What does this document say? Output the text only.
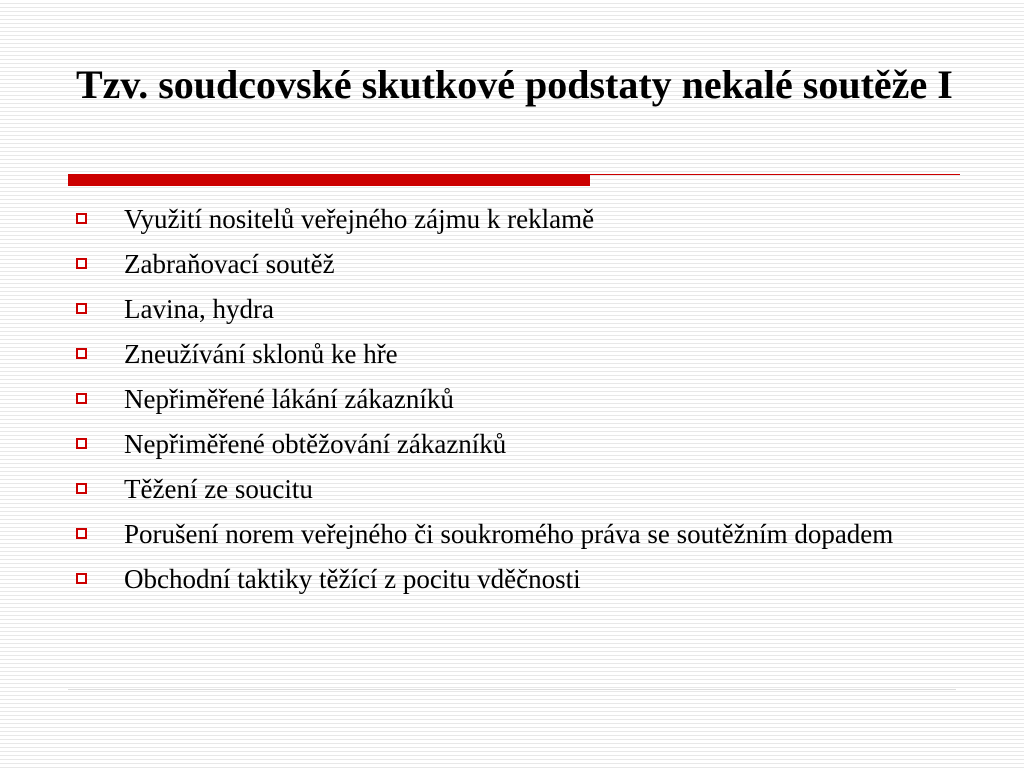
Tzv. soudcovské skutkové podstaty nekalé soutěže I
Využití nositelů veřejného zájmu k reklamě
Zabraňovací soutěž
Lavina, hydra
Zneužívání sklonů ke hře
Nepřiměřené lákání zákazníků
Nepřiměřené obtěžování zákazníků
Těžení ze soucitu
Porušení norem veřejného či soukromého práva se soutěžním dopadem
Obchodní taktiky těžící z pocitu vděčnosti
